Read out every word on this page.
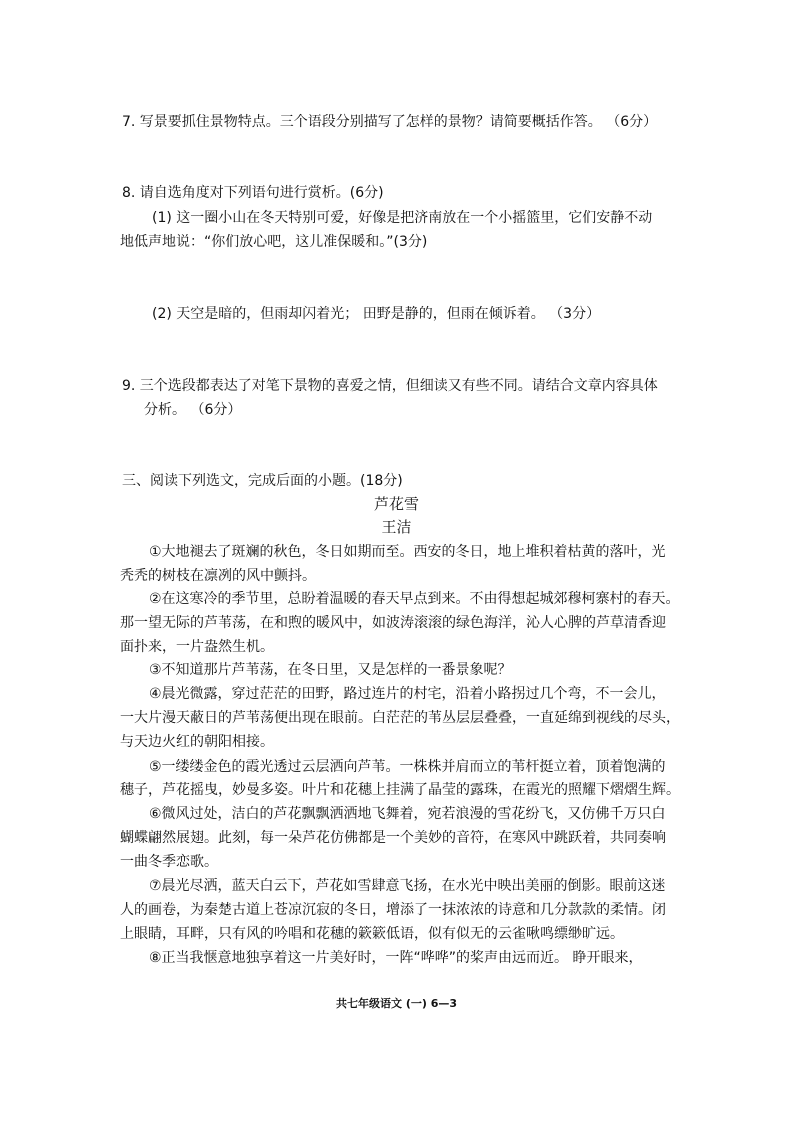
7. 写景要抓住景物特点。三个语段分别描写了怎样的景物？请简要概括作答。 （6分）
8. 请自选角度对下列语句进行赏析。(6分)
(1) 这一圈小山在冬天特别可爱，好像是把济南放在一个小摇篮里，它们安静不动
地低声地说：“你们放心吧，这儿准保暖和。”(3分)
(2) 天空是暗的，但雨却闪着光； 田野是静的，但雨在倾诉着。 （3分）
9. 三个选段都表达了对笔下景物的喜爱之情，但细读又有些不同。请结合文章内容具体
分析。 （6分）
三、阅读下列选文，完成后面的小题。(18分)
芦花雪
王洁
①大地褪去了斑斓的秋色，冬日如期而至。西安的冬日，地上堆积着枯黄的落叶，光
秃秃的树枝在凛冽的风中颤抖。
②在这寒冷的季节里，总盼着温暖的春天早点到来。不由得想起城郊穆柯寨村的春天。
那一望无际的芦苇荡，在和煦的暖风中，如波涛滚滚的绿色海洋，沁人心脾的芦草清香迎
面扑来，一片盎然生机。
③不知道那片芦苇荡，在冬日里，又是怎样的一番景象呢？
④晨光微露，穿过茫茫的田野，路过连片的村宅，沿着小路拐过几个弯，不一会儿，
一大片漫天蔽日的芦苇荡便出现在眼前。白茫茫的苇丛层层叠叠，一直延绵到视线的尽头，
与天边火红的朝阳相接。
⑤一缕缕金色的霞光透过云层洒向芦苇。一株株并肩而立的苇杆挺立着，顶着饱满的
穗子，芦花摇曳，妙曼多姿。叶片和花穗上挂满了晶莹的露珠，在霞光的照耀下熠熠生辉。
⑥微风过处，洁白的芦花飘飘洒洒地飞舞着，宛若浪漫的雪花纷飞，又仿佛千万只白
蝴蝶翩然展翅。此刻，每一朵芦花仿佛都是一个美妙的音符，在寒风中跳跃着，共同奏响
一曲冬季恋歌。
⑦晨光尽洒，蓝天白云下，芦花如雪肆意飞扬，在水光中映出美丽的倒影。眼前这迷
人的画卷，为秦楚古道上苍凉沉寂的冬日，增添了一抹浓浓的诗意和几分款款的柔情。闭
上眼睛，耳畔，只有风的吟唱和花穗的簌簌低语，似有似无的云雀啾鸣缥缈旷远。
⑧正当我惬意地独享着这一片美好时，一阵“哗哗”的桨声由远而近。 睁开眼来，
共七年级语文 (一) 6—3
